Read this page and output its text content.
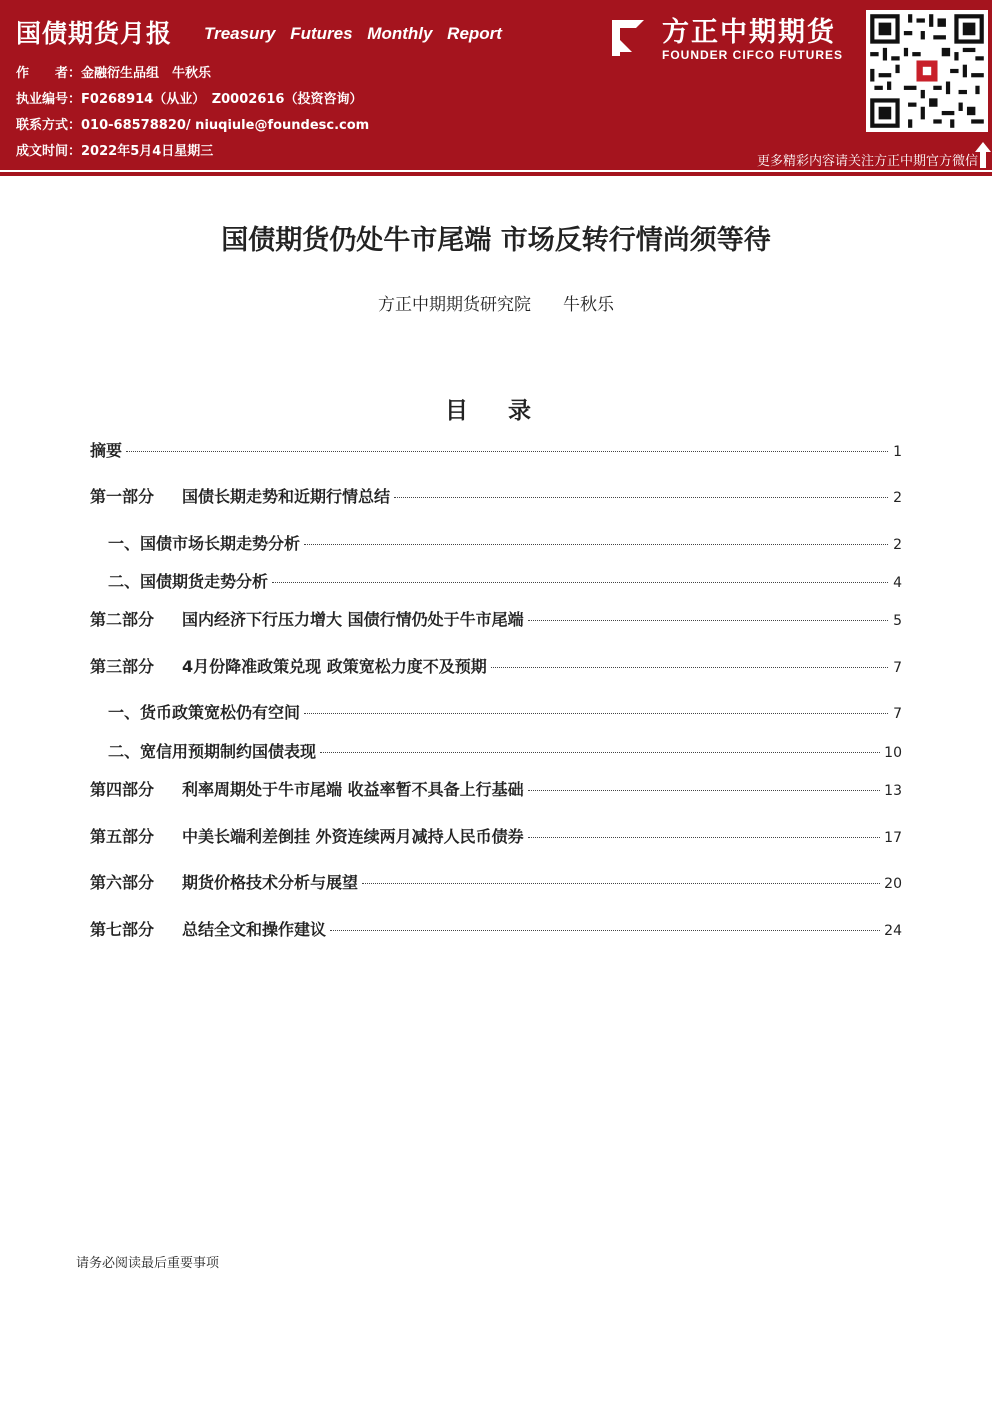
国债期货月报 Treasury Futures Monthly Report
作　　者：金融衍生品组　牛秋乐
执业编号：F0268914（从业）　Z0002616（投资咨询）
联系方式：010-68578820/ niuqiule@foundesc.com
成文时间：2022年5月4日星期三
方正中期期货
FOUNDER CIFCO FUTURES
更多精彩内容请关注方正中期官方微信
国债期货仍处牛市尾端 市场反转行情尚须等待
方正中期期货研究院 牛秋乐
目 录
摘要	1
第一部分	国债长期走势和近期行情总结	2
一、国债市场长期走势分析	2
二、国债期货走势分析	4
第二部分	国内经济下行压力增大 国债行情仍处于牛市尾端	5
第三部分	4月份降准政策兑现 政策宽松力度不及预期	7
一、货币政策宽松仍有空间	7
二、宽信用预期制约国债表现	10
第四部分	利率周期处于牛市尾端 收益率暂不具备上行基础	13
第五部分	中美长端利差倒挂 外资连续两月减持人民币债券	17
第六部分	期货价格技术分析与展望	20
第七部分	总结全文和操作建议	24
请务必阅读最后重要事项
